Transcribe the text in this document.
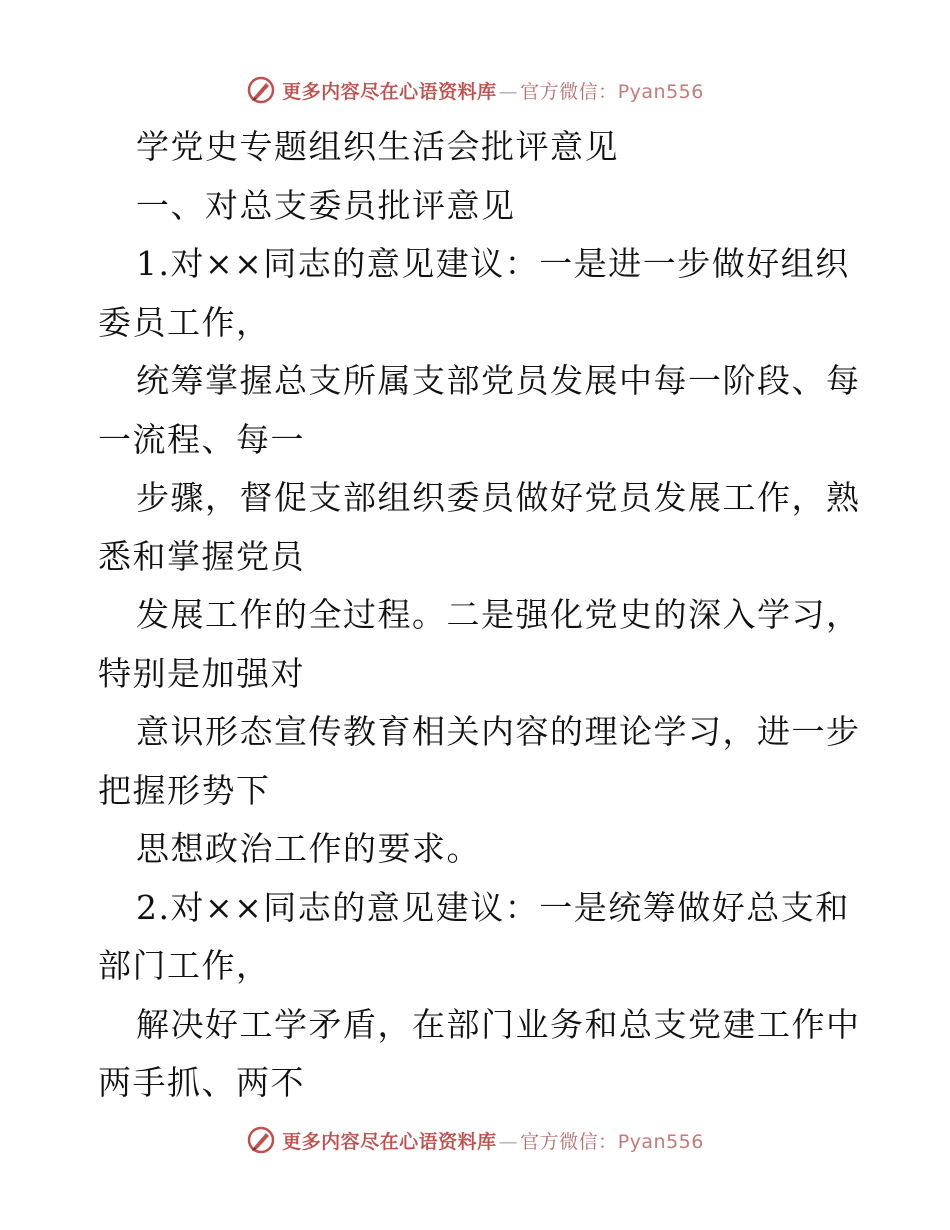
更多内容尽在心语资料库 — 官方微信：Pyan556
学党史专题组织生活会批评意见
一、对总支委员批评意见
1.对××同志的意见建议：一是进一步做好组织
委员工作，
统筹掌握总支所属支部党员发展中每一阶段、每
一流程、每一
步骤，督促支部组织委员做好党员发展工作，熟
悉和掌握党员
发展工作的全过程。二是强化党史的深入学习，
特别是加强对
意识形态宣传教育相关内容的理论学习，进一步
把握形势下
思想政治工作的要求。
2.对××同志的意见建议：一是统筹做好总支和
部门工作，
解决好工学矛盾，在部门业务和总支党建工作中
两手抓、两不
更多内容尽在心语资料库 — 官方微信：Pyan556
